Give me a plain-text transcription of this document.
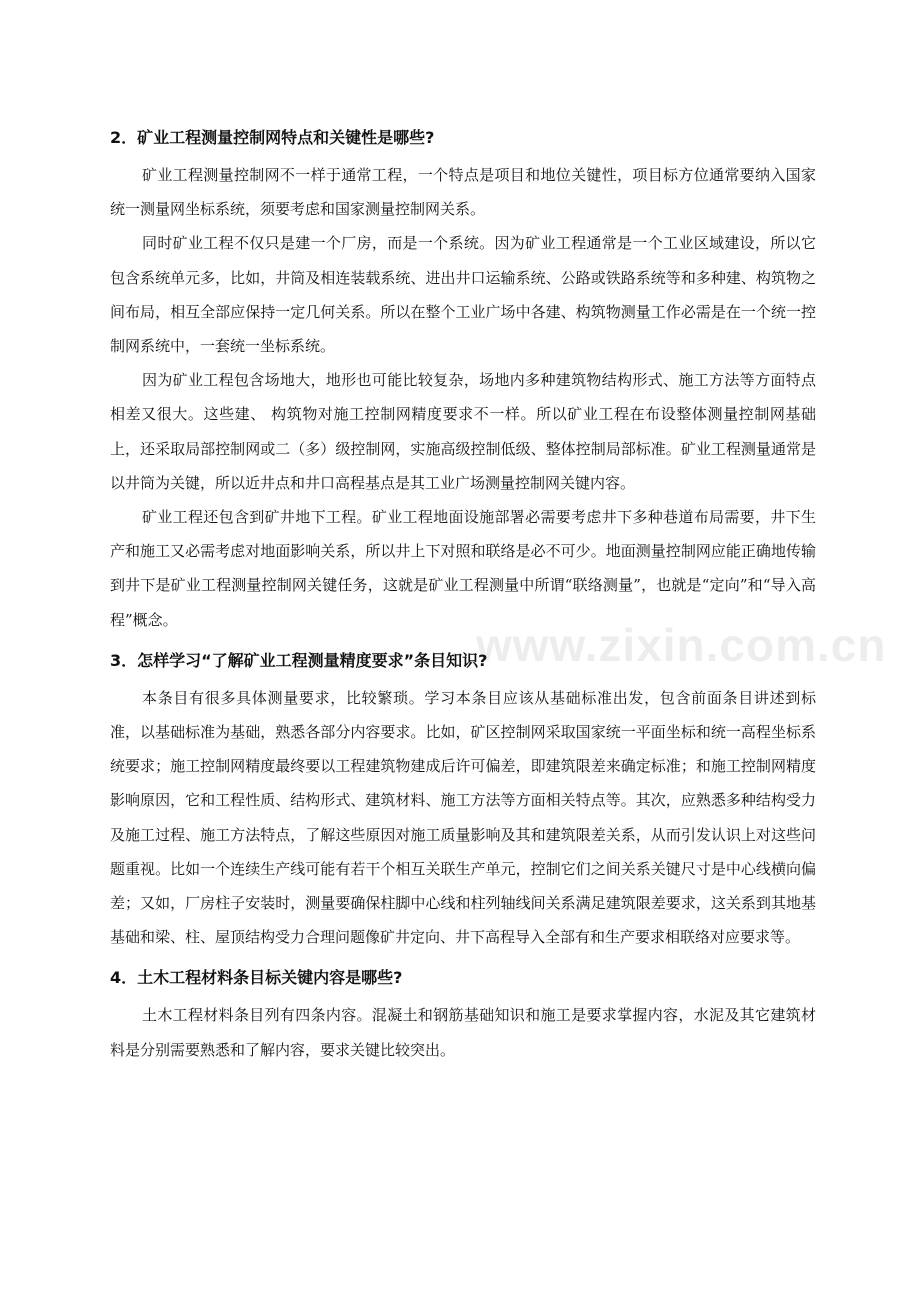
www.zixin.com.cn
2．矿业工程测量控制网特点和关键性是哪些?

矿业工程测量控制网不一样于通常工程，一个特点是项目和地位关键性，项目标方位通常要纳入国家统一测量网坐标系统，须要考虑和国家测量控制网关系。

同时矿业工程不仅只是建一个厂房，而是一个系统。因为矿业工程通常是一个工业区域建设，所以它包含系统单元多，比如，井筒及相连装载系统、进出井口运输系统、公路或铁路系统等和多种建、构筑物之间布局，相互全部应保持一定几何关系。所以在整个工业广场中各建、构筑物测量工作必需是在一个统一控制网系统中，一套统一坐标系统。

因为矿业工程包含场地大，地形也可能比较复杂，场地内多种建筑物结构形式、施工方法等方面特点相差又很大。这些建、 构筑物对施工控制网精度要求不一样。所以矿业工程在布设整体测量控制网基础上，还采取局部控制网或二（多）级控制网，实施高级控制低级、整体控制局部标准。矿业工程测量通常是以井筒为关键，所以近井点和井口高程基点是其工业广场测量控制网关键内容。

矿业工程还包含到矿井地下工程。矿业工程地面设施部署必需要考虑井下多种巷道布局需要，井下生产和施工又必需考虑对地面影响关系，所以井上下对照和联络是必不可少。地面测量控制网应能正确地传输到井下是矿业工程测量控制网关键任务，这就是矿业工程测量中所谓“联络测量”，也就是“定向”和“导入高程”概念。

3．怎样学习“了解矿业工程测量精度要求”条目知识?

本条目有很多具体测量要求，比较繁琐。学习本条目应该从基础标准出发，包含前面条目讲述到标准，以基础标准为基础，熟悉各部分内容要求。比如，矿区控制网采取国家统一平面坐标和统一高程坐标系统要求；施工控制网精度最终要以工程建筑物建成后许可偏差，即建筑限差来确定标准；和施工控制网精度影响原因，它和工程性质、结构形式、建筑材料、施工方法等方面相关特点等。其次，应熟悉多种结构受力及施工过程、施工方法特点，了解这些原因对施工质量影响及其和建筑限差关系，从而引发认识上对这些问题重视。比如一个连续生产线可能有若干个相互关联生产单元，控制它们之间关系关键尺寸是中心线横向偏差；又如，厂房柱子安装时，测量要确保柱脚中心线和柱列轴线间关系满足建筑限差要求，这关系到其地基基础和梁、柱、屋顶结构受力合理问题像矿井定向、井下高程导入全部有和生产要求相联络对应要求等。

4．土木工程材料条目标关键内容是哪些?

土木工程材料条目列有四条内容。混凝土和钢筋基础知识和施工是要求掌握内容，水泥及其它建筑材料是分别需要熟悉和了解内容，要求关键比较突出。
